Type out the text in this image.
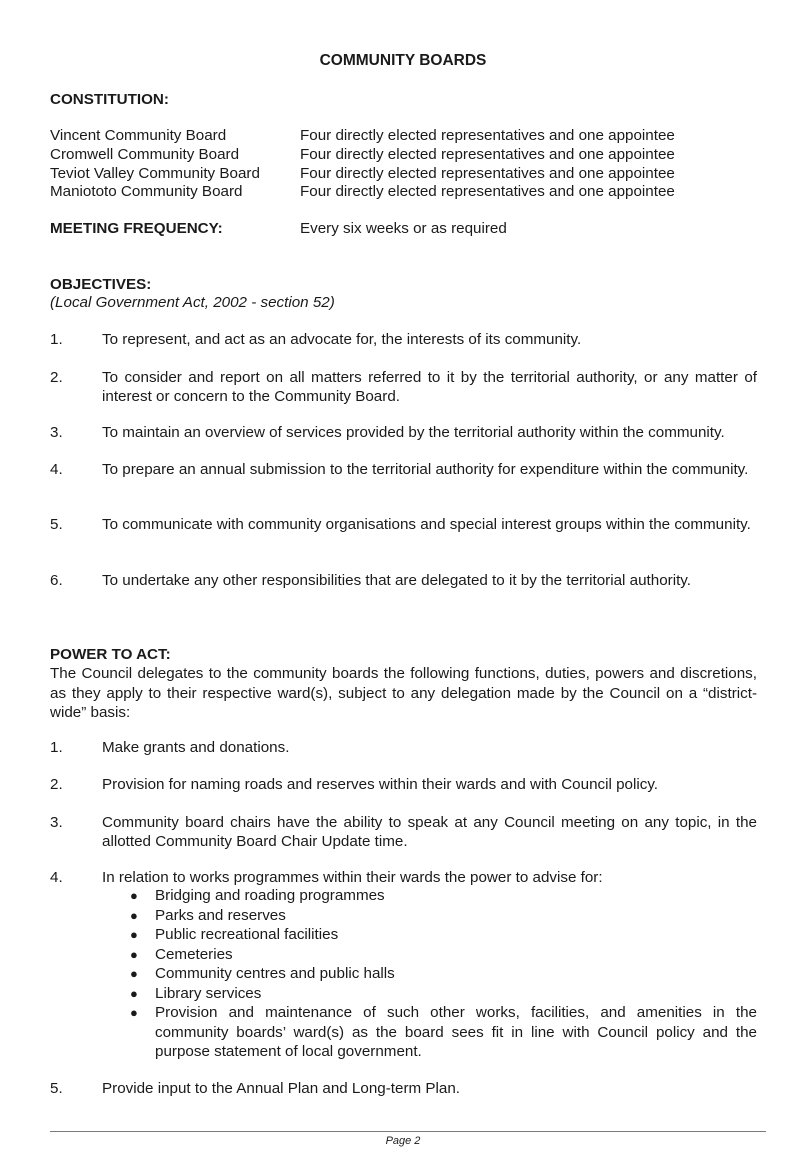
COMMUNITY BOARDS
CONSTITUTION:
Vincent Community Board	Four directly elected representatives and one appointee
Cromwell Community Board	Four directly elected representatives and one appointee
Teviot Valley Community Board	Four directly elected representatives and one appointee
Maniototo Community Board	Four directly elected representatives and one appointee
MEETING FREQUENCY:	Every six weeks or as required
OBJECTIVES:
(Local Government Act, 2002 - section 52)
1.	To represent, and act as an advocate for, the interests of its community.
2.	To consider and report on all matters referred to it by the territorial authority, or any matter of interest or concern to the Community Board.
3.	To maintain an overview of services provided by the territorial authority within the community.
4.	To prepare an annual submission to the territorial authority for expenditure within the community.
5.	To communicate with community organisations and special interest groups within the community.
6.	To undertake any other responsibilities that are delegated to it by the territorial authority.
POWER TO ACT:
The Council delegates to the community boards the following functions, duties, powers and discretions, as they apply to their respective ward(s), subject to any delegation made by the Council on a “district-wide” basis:
1.	Make grants and donations.
2.	Provision for naming roads and reserves within their wards and with Council policy.
3.	Community board chairs have the ability to speak at any Council meeting on any topic, in the allotted Community Board Chair Update time.
4.	In relation to works programmes within their wards the power to advise for:
● Bridging and roading programmes
● Parks and reserves
● Public recreational facilities
● Cemeteries
● Community centres and public halls
● Library services
● Provision and maintenance of such other works, facilities, and amenities in the community boards’ ward(s) as the board sees fit in line with Council policy and the purpose statement of local government.
5.	Provide input to the Annual Plan and Long-term Plan.
Page 2
